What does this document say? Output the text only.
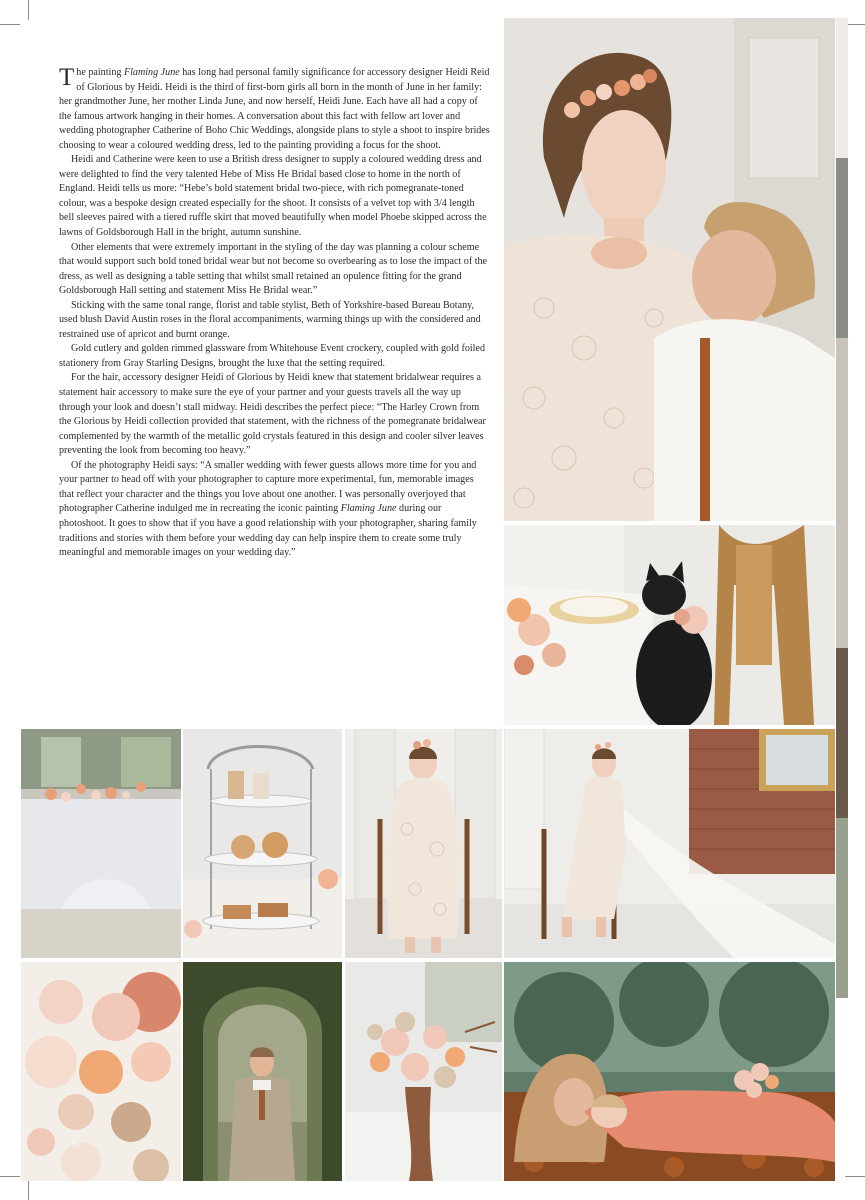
The painting Flaming June has long had personal family significance for accessory designer Heidi Reid of Glorious by Heidi. Heidi is the third of first-born girls all born in the month of June in her family: her grandmother June, her mother Linda June, and now herself, Heidi June. Each have all had a copy of the famous artwork hanging in their homes. A conversation about this fact with fellow art lover and wedding photographer Catherine of Boho Chic Weddings, alongside plans to style a shoot to inspire brides choosing to wear a coloured wedding dress, led to the painting providing a focus for the shoot.

Heidi and Catherine were keen to use a British dress designer to supply a coloured wedding dress and were delighted to find the very talented Hebe of Miss He Bridal based close to home in the north of England. Heidi tells us more: “Hebe’s bold statement bridal two-piece, with rich pomegranate-toned colour, was a bespoke design created especially for the shoot. It consists of a velvet top with 3/4 length bell sleeves paired with a tiered ruffle skirt that moved beautifully when model Phoebe skipped across the lawns of Goldsborough Hall in the bright, autumn sunshine.

Other elements that were extremely important in the styling of the day was planning a colour scheme that would support such bold toned bridal wear but not become so overbearing as to lose the impact of the dress, as well as designing a table setting that whilst small retained an opulence fitting for the grand Goldsborough Hall setting and statement Miss He Bridal wear.”

Sticking with the same tonal range, florist and table stylist, Beth of Yorkshire-based Bureau Botany, used blush David Austin roses in the floral accompaniments, warming things up with the considered and restrained use of apricot and burnt orange.

Gold cutlery and golden rimmed glassware from Whitehouse Event crockery, coupled with gold foiled stationery from Gray Starling Designs, brought the luxe that the setting required.

For the hair, accessory designer Heidi of Glorious by Heidi knew that statement bridalwear requires a statement hair accessory to make sure the eye of your partner and your guests travels all the way up through your look and doesn’t stall midway. Heidi describes the perfect piece: “The Harley Crown from the Glorious by Heidi collection provided that statement, with the richness of the pomegranate bridalwear complemented by the warmth of the metallic gold crystals featured in this design and cooler silver leaves preventing the look from becoming too heavy.”

Of the photography Heidi says: “A smaller wedding with fewer guests allows more time for you and your partner to head off with your photographer to capture more experimental, fun, memorable images that reflect your character and the things you love about one another. I was personally overjoyed that photographer Catherine indulged me in recreating the iconic painting Flaming June during our photoshoot. It goes to show that if you have a good relationship with your photographer, sharing family traditions and stories with them before your wedding day can help inspire them to create some truly meaningful and memorable images on your wedding day.”

16
